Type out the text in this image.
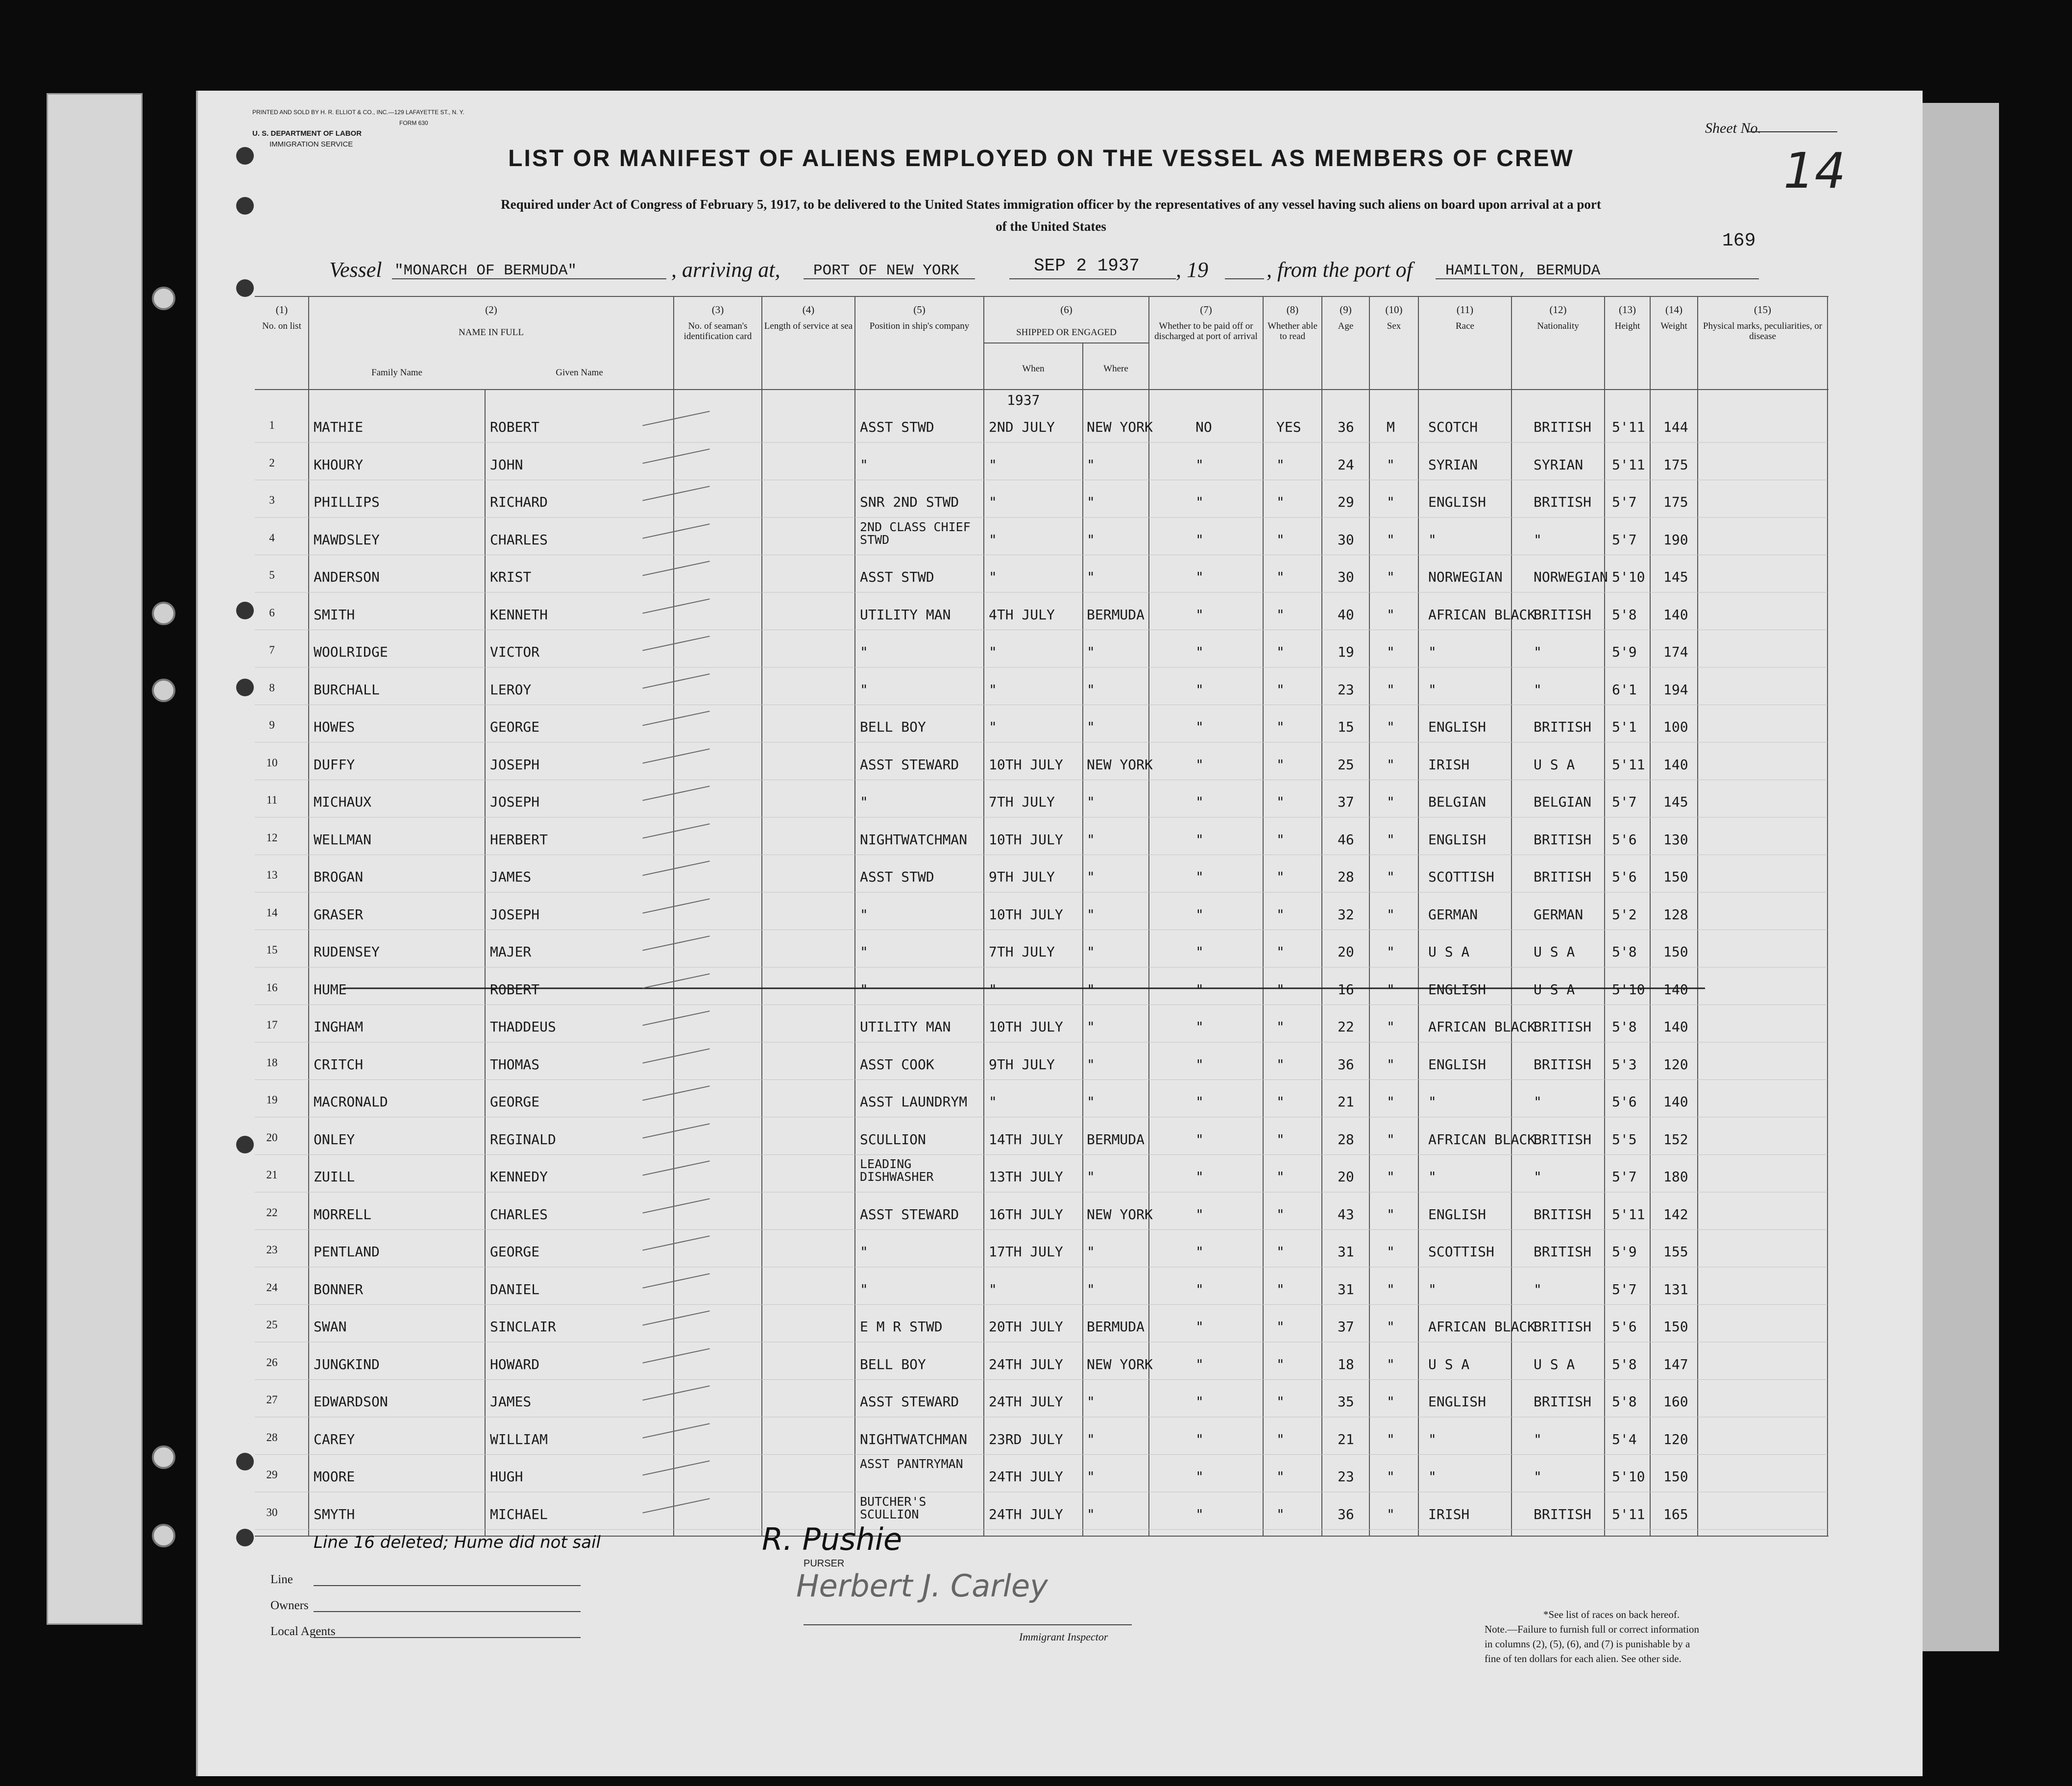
PRINTED AND SOLD BY H. R. ELLIOT & CO., INC.—129 LAFAYETTE ST., N. Y.
FORM 630
U. S. DEPARTMENT OF LABOR
IMMIGRATION SERVICE
Sheet No.
14
LIST OR MANIFEST OF ALIENS EMPLOYED ON THE VESSEL AS MEMBERS OF CREW
Required under Act of Congress of February 5, 1917, to be delivered to the United States immigration officer by the representatives of any vessel having such aliens on board upon arrival at a port
of the United States
169
Vessel "MONARCH OF BERMUDA"	, arriving at, PORT OF NEW YORK	SEP 2 1937 , 19	, from the port of HAMILTON, BERMUDA
(1)
No. on list
(2)
NAME IN FULL
Family Name	Given Name
(3)
No. of seaman's identification card
(4)
Length of service at sea
(5)
Position in ship's company
(6)
SHIPPED OR ENGAGED
When	Where
(7)
Whether to be paid off or discharged at port of arrival
(8)
Whether able to read
(9)
Age
(10)
Sex
(11)
Race
(12)
Nationality
(13)
Height
(14)
Weight
(15)
Physical marks, peculiarities, or disease
1937
1	MATHIE	ROBERT	ASST STWD	2ND JULY NEW YORK	NO	YES	36 M SCOTCH	BRITISH 5'11 144
2	KHOURY	JOHN	"	"	"	"	"	24 " SYRIAN	SYRIAN 5'11 175
3	PHILLIPS	RICHARD	SNR 2ND STWD "	"	"	"	29 " ENGLISH	BRITISH 5'7 175
4	MAWDSLEY	CHARLES
2ND CLASS CHIEF STWD	"	"	"	"	30 " "	"	5'7 190
5	ANDERSON	KRIST	ASST STWD	"	"	"	"	30 " NORWEGIAN NORWEGIAN 5'10 145
6	SMITH	KENNETH	UTILITY MAN	4TH JULY BERMUDA	"	"	40 " AFRICAN BLACK
BRITISH 5'8 140
7	WOOLRIDGE	VICTOR	"	"	"	"	"	19 " "	"	5'9 174
8	BURCHALL	LEROY	"	"	"	"	"	23 " "	"	6'1 194
9	HOWES	GEORGE	BELL BOY	"	"	"	"	15 " ENGLISH	BRITISH 5'1 100
10	DUFFY	JOSEPH	ASST STEWARD 10TH JULY NEW YORK	"	"	25 " IRISH	U S A	5'11 140
11	MICHAUX	JOSEPH	"	7TH JULY "	"	"	37 " BELGIAN	BELGIAN 5'7 145
12	WELLMAN	HERBERT	NIGHTWATCHMAN 10TH JULY "	"	"	46 " ENGLISH	BRITISH 5'6 130
13	BROGAN	JAMES	ASST STWD	9TH JULY "	"	"	28 " SCOTTISH	BRITISH 5'6 150
14	GRASER	JOSEPH	"	10TH JULY "	"	"	32 " GERMAN	GERMAN 5'2 128
15	RUDENSEY	MAJER	"	7TH JULY "	"	"	20 " U S A	U S A	5'8 150
16	HUME	ROBERT	"	"	"	"	"	16 " ENGLISH	U S A	5'10 140
17	INGHAM	THADDEUS	UTILITY MAN	10TH JULY "	"	"	22 " AFRICAN BLACK
BRITISH 5'8 140
18	CRITCH	THOMAS	ASST COOK	9TH JULY "	"	"	36 " ENGLISH	BRITISH 5'3 120
19	MACRONALD	GEORGE	ASST LAUNDRYM "	"	"	"	21 " "	"	5'6 140
20	ONLEY	REGINALD	SCULLION	14TH JULY BERMUDA	"	"	28 " AFRICAN BLACK
BRITISH 5'5 152
21	ZUILL	KENNEDY
LEADING DISHWASHER	13TH JULY "	"	"	20 " "	"	5'7 180
22	MORRELL	CHARLES	ASST STEWARD 16TH JULY NEW YORK	"	"	43 " ENGLISH	BRITISH 5'11 142
23	PENTLAND	GEORGE	"	17TH JULY "	"	"	31 " SCOTTISH	BRITISH 5'9 155
24	BONNER	DANIEL	"	"	"	"	"	31 " "	"	5'7 131
25	SWAN	SINCLAIR	E M R STWD	20TH JULY BERMUDA	"	"	37 " AFRICAN BLACK
BRITISH 5'6 150
26	JUNGKIND	HOWARD	BELL BOY	24TH JULY NEW YORK	"	"	18 " U S A	U S A	5'8 147
27	EDWARDSON	JAMES	ASST STEWARD 24TH JULY "	"	"	35 " ENGLISH	BRITISH 5'8 160
28	CAREY	WILLIAM	NIGHTWATCHMAN 23RD JULY "	"	"	21 " "	"	5'4 120
29	MOORE	HUGH
ASST PANTRYMAN
24TH JULY "	"	"	23 " "	"	5'10 150
30	SMYTH	MICHAEL
BUTCHER'S SCULLION	24TH JULY "	"	"	36 " IRISH	BRITISH 5'11 165
Line 16 deleted; Hume did not sail	R. Pushie
PURSER
Herbert J. Carley
Line
Owners
Local Agents	Immigrant Inspector
*See list of races on back hereof.
Note.—Failure to furnish full or correct information in columns (2), (5), (6), and (7) is punishable by a fine of ten dollars for each alien. See other side.
